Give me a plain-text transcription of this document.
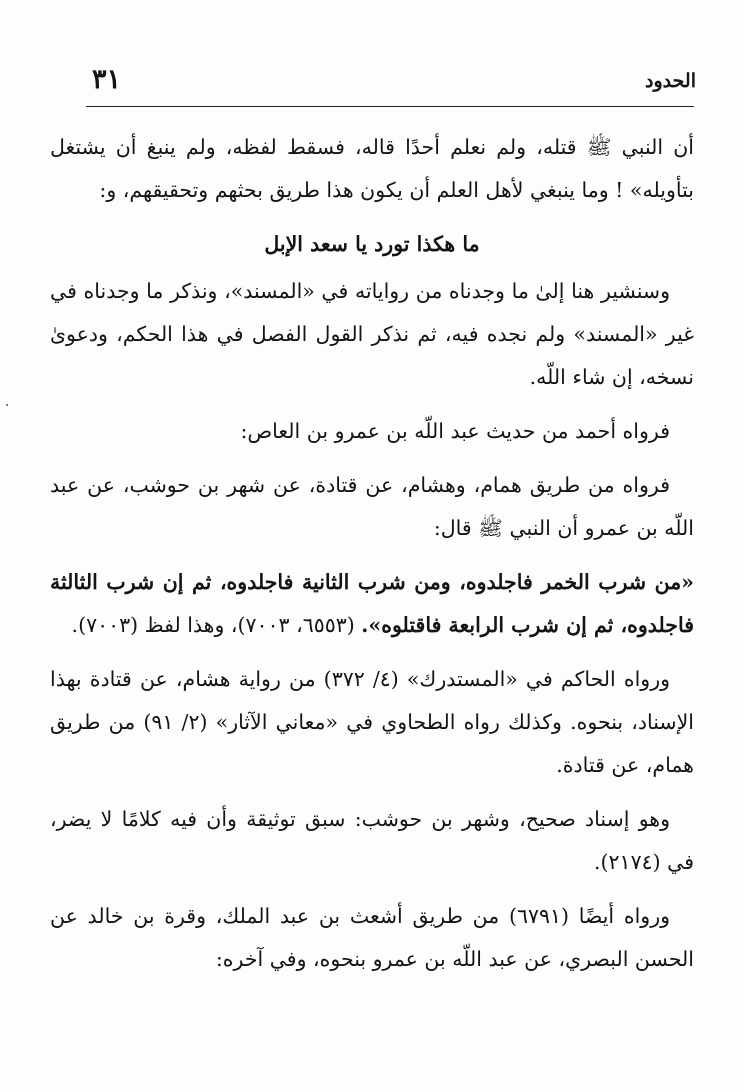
٣١	الحدود

أن النبي ﷺ قتله، ولم نعلم أحدًا قاله، فسقط لفظه، ولم ينبغ أن يشتغل بتأويله» ! وما ينبغي لأهل العلم أن يكون هذا طريق بحثهم وتحقيقهم، و:

ما هكذا تورد يا سعد الإبل

وسنشير هنا إلىٰ ما وجدناه من رواياته في «المسند»، ونذكر ما وجدناه في غير «المسند» ولم نجده فيه، ثم نذكر القول الفصل في هذا الحكم، ودعوىٰ نسخه، إن شاء اللّه.

فرواه أحمد من حديث عبد اللّه بن عمرو بن العاص:

فرواه من طريق همام، وهشام، عن قتادة، عن شهر بن حوشب، عن عبد اللّه بن عمرو أن النبي ﷺ قال:

«من شرب الخمر فاجلدوه، ومن شرب الثانية فاجلدوه، ثم إن شرب الثالثة فاجلدوه، ثم إن شرب الرابعة فاقتلوه». (٦٥٥٣، ٧٠٠٣)، وهذا لفظ (٧٠٠٣).

ورواه الحاكم في «المستدرك» (٤/ ٣٧٢) من رواية هشام، عن قتادة بهذا الإسناد، بنحوه. وكذلك رواه الطحاوي في «معاني الآثار» (٢/ ٩١) من طريق همام، عن قتادة.

وهو إسناد صحيح، وشهر بن حوشب: سبق توثيقة وأن فيه كلامًا لا يضر، في (٢١٧٤).

ورواه أيضًا (٦٧٩١) من طريق أشعث بن عبد الملك، وقرة بن خالد عن الحسن البصري، عن عبد اللّه بن عمرو بنحوه، وفي آخره:
